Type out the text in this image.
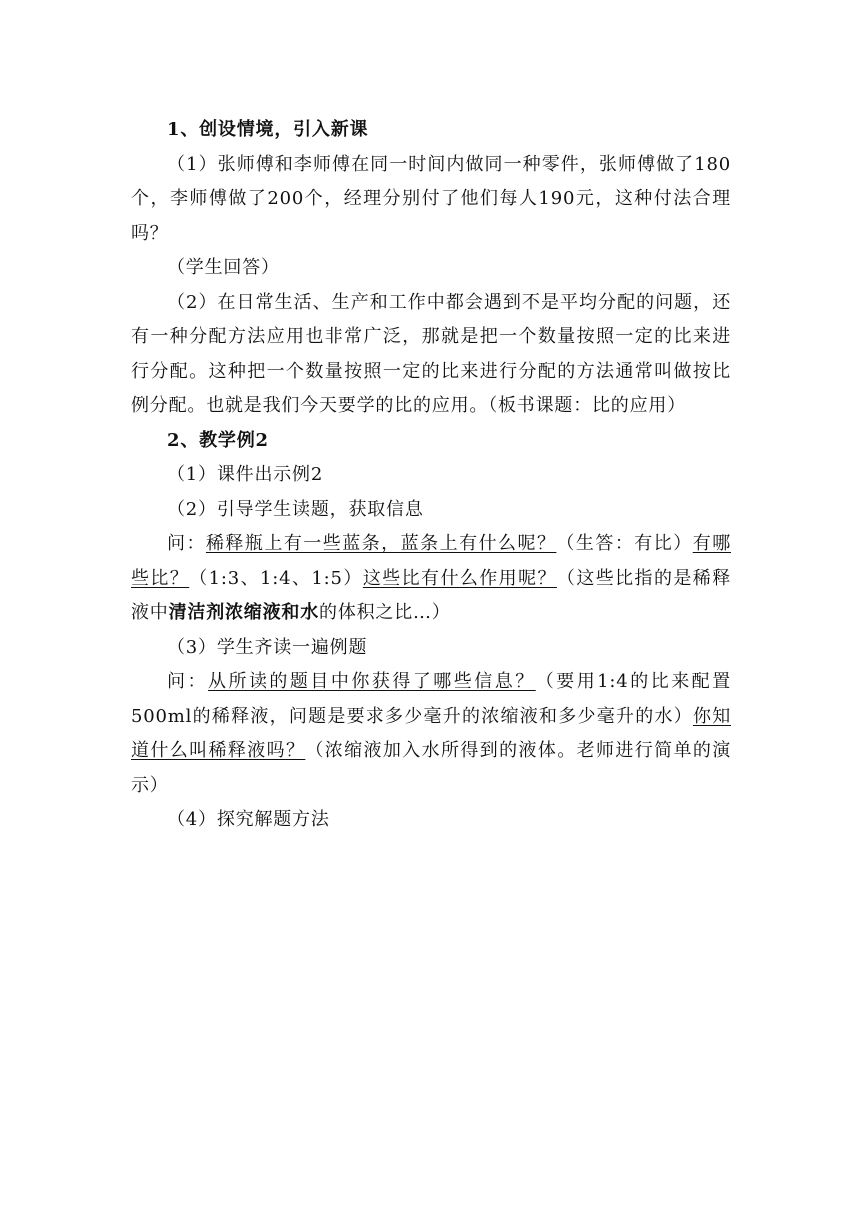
1、创设情境，引入新课

（1）张师傅和李师傅在同一时间内做同一种零件，张师傅做了180个，李师傅做了200个，经理分别付了他们每人190元，这种付法合理吗？

（学生回答）

（2）在日常生活、生产和工作中都会遇到不是平均分配的问题，还有一种分配方法应用也非常广泛，那就是把一个数量按照一定的比来进行分配。这种把一个数量按照一定的比来进行分配的方法通常叫做按比例分配。也就是我们今天要学的比的应用。（板书课题：比的应用）

2、教学例2

（1）课件出示例2

（2）引导学生读题，获取信息

问：稀释瓶上有一些蓝条，蓝条上有什么呢？（生答：有比）有哪些比？（1:3、1:4、1:5）这些比有什么作用呢？（这些比指的是稀释液中清洁剂浓缩液和水的体积之比…）

（3）学生齐读一遍例题

问：从所读的题目中你获得了哪些信息？（要用1:4的比来配置500ml的稀释液，问题是要求多少毫升的浓缩液和多少毫升的水）你知道什么叫稀释液吗？（浓缩液加入水所得到的液体。老师进行简单的演示）

（4）探究解题方法
